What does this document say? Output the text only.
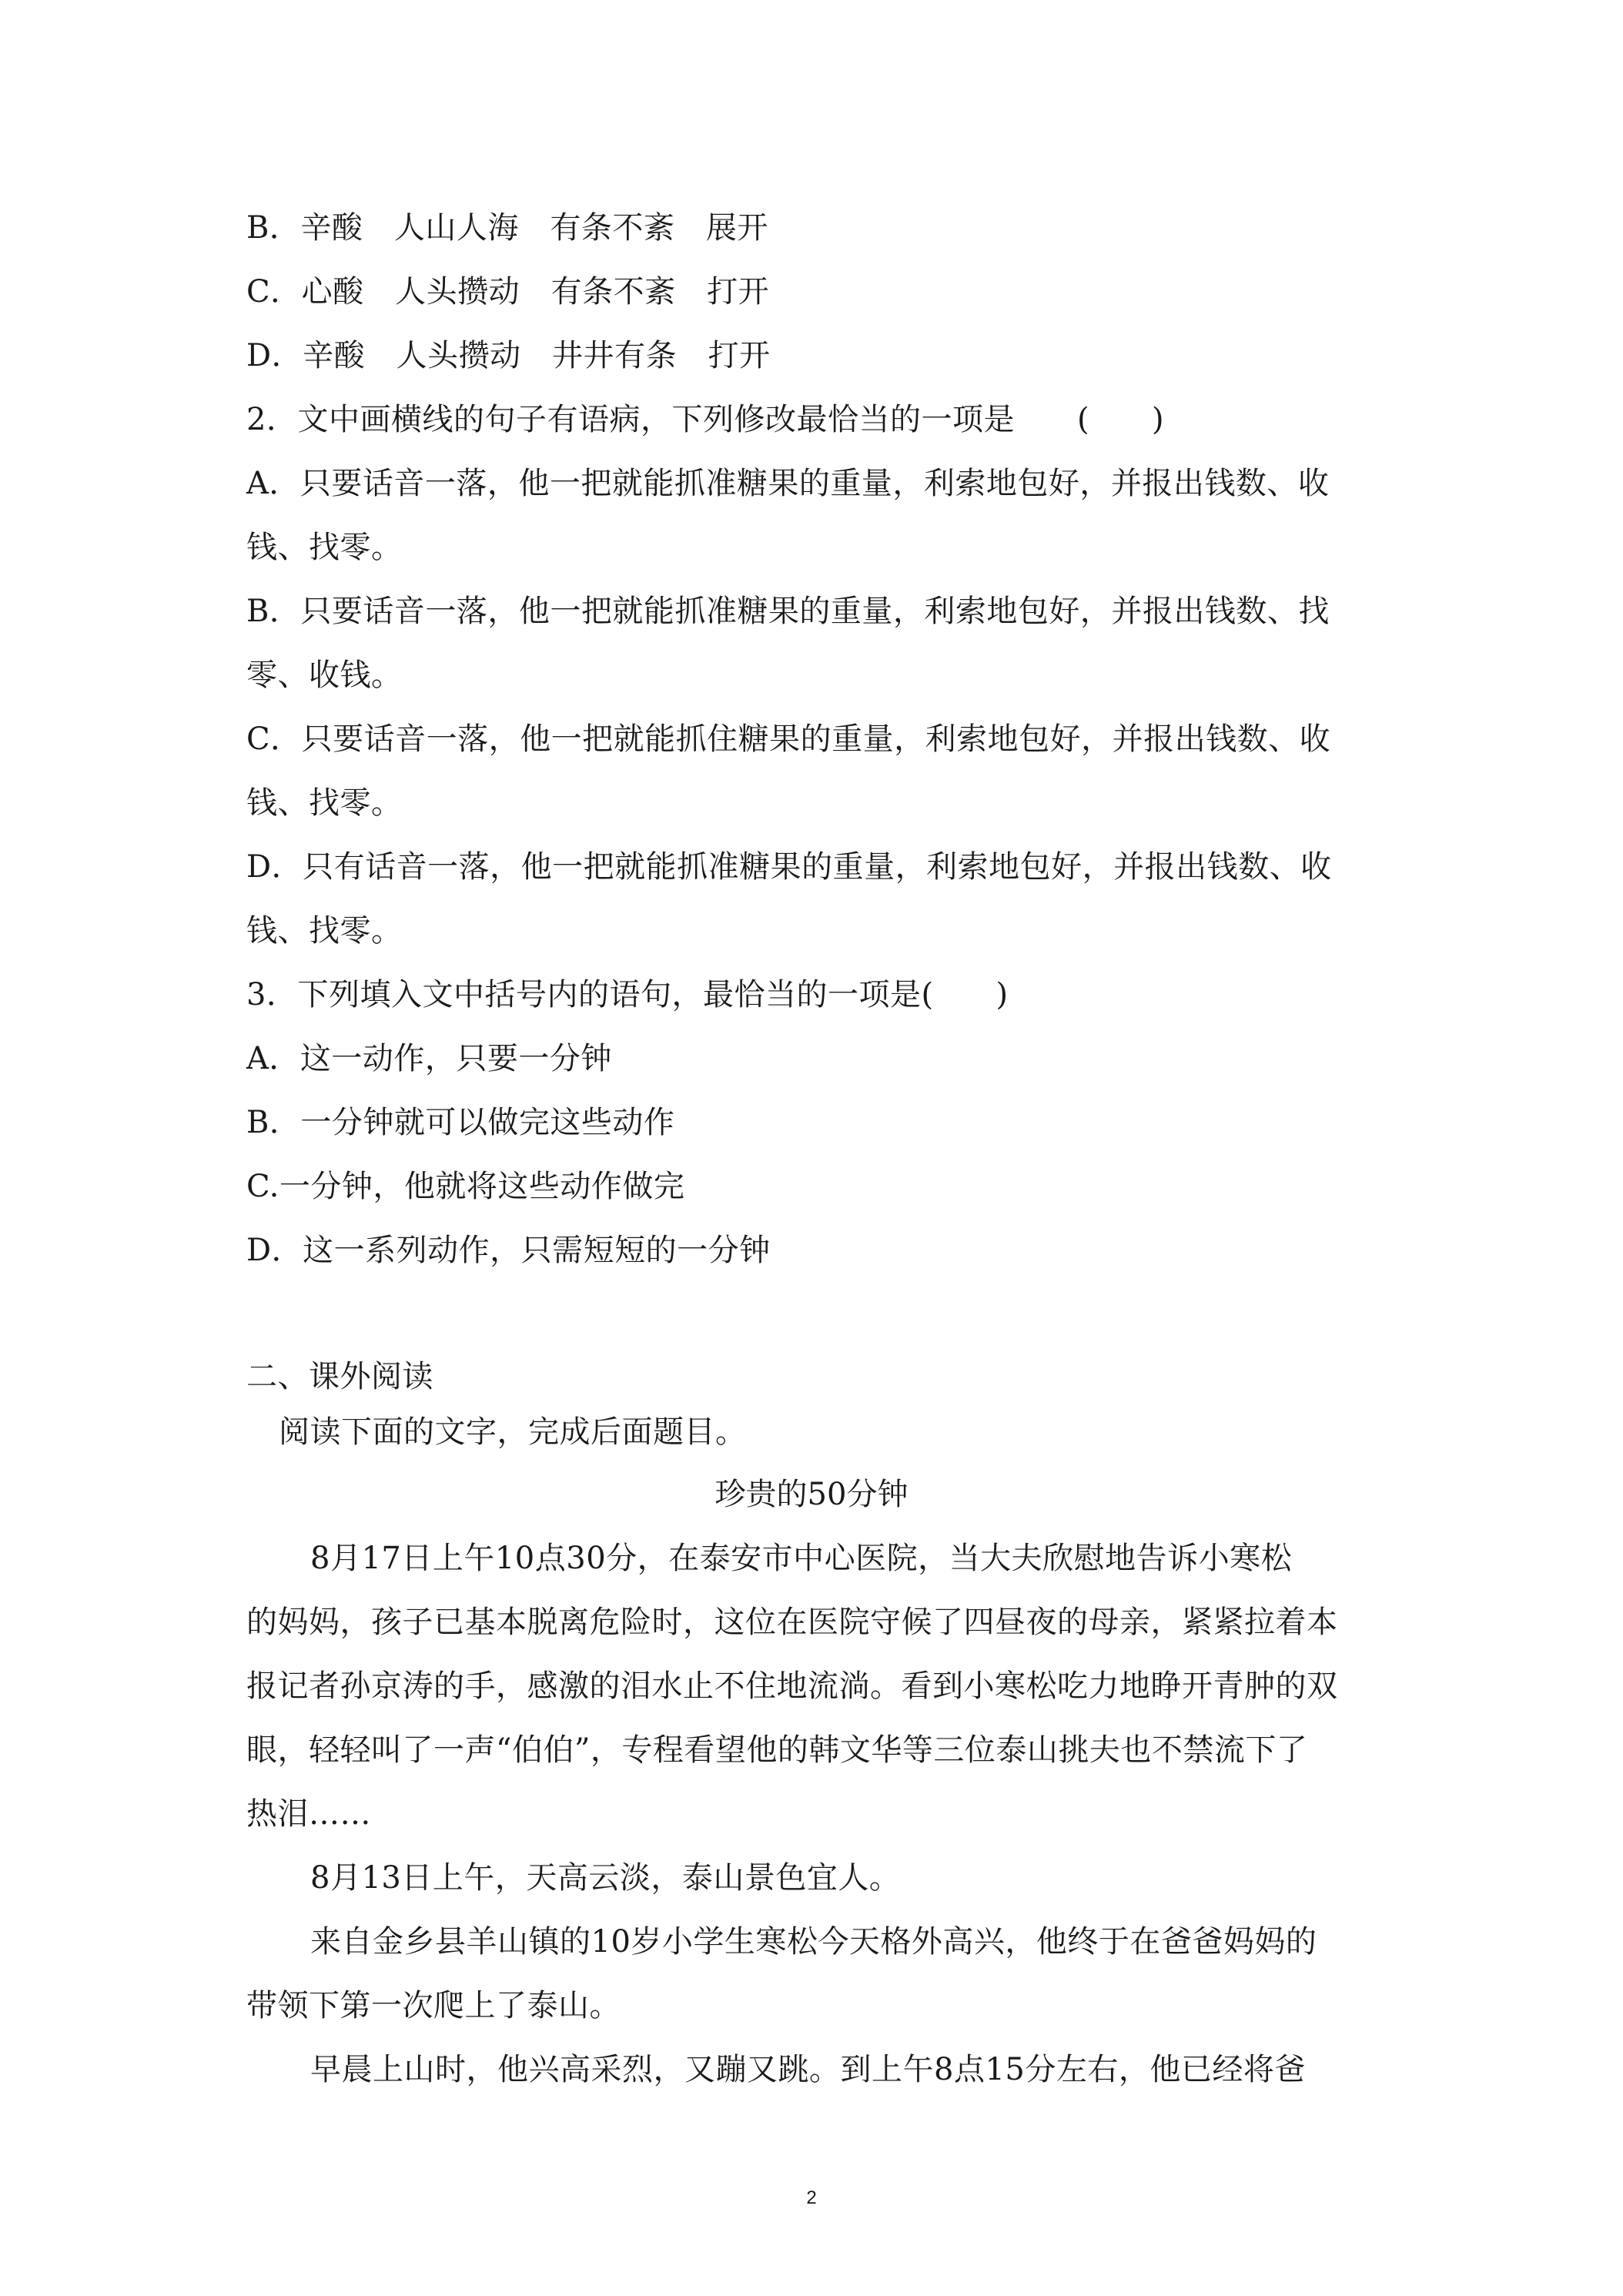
B．辛酸　人山人海　有条不紊　展开
C．心酸　人头攒动　有条不紊　打开
D．辛酸　人头攒动　井井有条　打开
2．文中画横线的句子有语病，下列修改最恰当的一项是　　(　　)
A．只要话音一落，他一把就能抓准糖果的重量，利索地包好，并报出钱数、收
钱、找零。
B．只要话音一落，他一把就能抓准糖果的重量，利索地包好，并报出钱数、找
零、收钱。
C．只要话音一落，他一把就能抓住糖果的重量，利索地包好，并报出钱数、收
钱、找零。
D．只有话音一落，他一把就能抓准糖果的重量，利索地包好，并报出钱数、收
钱、找零。
3．下列填入文中括号内的语句，最恰当的一项是(　　)
A．这一动作，只要一分钟
B．一分钟就可以做完这些动作
C.一分钟，他就将这些动作做完
D．这一系列动作，只需短短的一分钟
二、课外阅读
阅读下面的文字，完成后面题目。
珍贵的50分钟
8月17日上午10点30分，在泰安市中心医院，当大夫欣慰地告诉小寒松
的妈妈，孩子已基本脱离危险时，这位在医院守候了四昼夜的母亲，紧紧拉着本
报记者孙京涛的手，感激的泪水止不住地流淌。看到小寒松吃力地睁开青肿的双
眼，轻轻叫了一声“伯伯”，专程看望他的韩文华等三位泰山挑夫也不禁流下了
热泪……
8月13日上午，天高云淡，泰山景色宜人。
来自金乡县羊山镇的10岁小学生寒松今天格外高兴，他终于在爸爸妈妈的
带领下第一次爬上了泰山。
早晨上山时，他兴高采烈，又蹦又跳。到上午8点15分左右，他已经将爸
2
